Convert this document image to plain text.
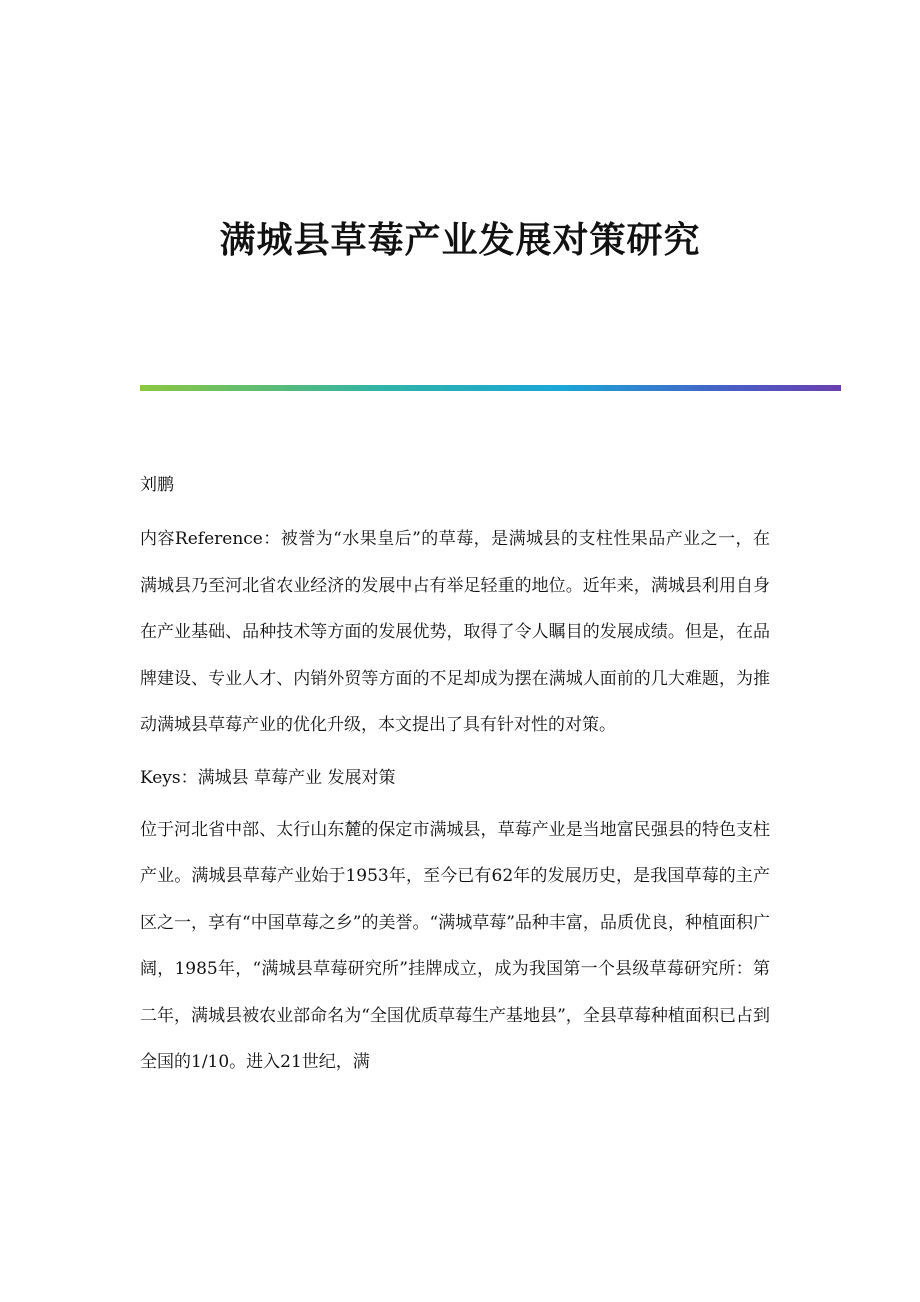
满城县草莓产业发展对策研究

刘鹏

内容Reference：被誉为“水果皇后”的草莓，是满城县的支柱性果品产业之一，在满城县乃至河北省农业经济的发展中占有举足轻重的地位。近年来，满城县利用自身在产业基础、品种技术等方面的发展优势，取得了令人瞩目的发展成绩。但是，在品牌建设、专业人才、内销外贸等方面的不足却成为摆在满城人面前的几大难题，为推动满城县草莓产业的优化升级，本文提出了具有针对性的对策。

Keys：满城县 草莓产业 发展对策

位于河北省中部、太行山东麓的保定市满城县，草莓产业是当地富民强县的特色支柱产业。满城县草莓产业始于1953年，至今已有62年的发展历史，是我国草莓的主产区之一，享有“中国草莓之乡”的美誉。“满城草莓”品种丰富，品质优良，种植面积广阔，1985年，“满城县草莓研究所”挂牌成立，成为我国第一个县级草莓研究所：第二年，满城县被农业部命名为“全国优质草莓生产基地县”，全县草莓种植面积已占到全国的1/10。进入21世纪，满
